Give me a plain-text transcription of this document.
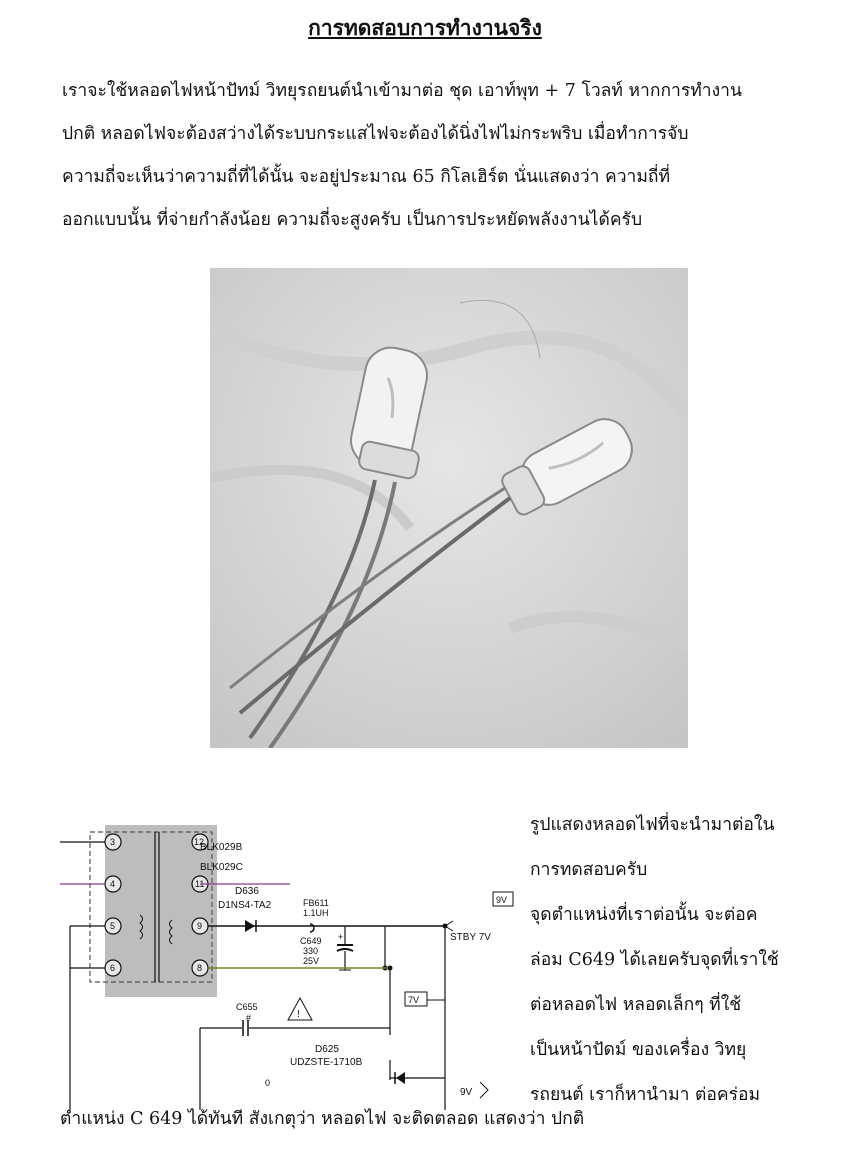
การทดสอบการทำงานจริง

เราจะใช้หลอดไฟหน้าปัทม์ วิทยุรถยนต์นำเข้ามาต่อ ชุด เอาท์พุท + 7 โวลท์ หากการทำงาน

ปกติ หลอดไฟจะต้องสว่างได้ระบบกระแสไฟจะต้องได้นิ่งไฟไม่กระพริบ เมื่อทำการจับ

ความถี่จะเห็นว่าความถี่ที่ได้นั้น จะอยู่ประมาณ 65 กิโลเฮิร์ต นั่นแสดงว่า ความถี่ที่

ออกแบบนั้น ที่จ่ายกำลังน้อย ความถี่จะสูงครับ เป็นการประหยัดพลังงานได้ครับ

3
4
5
6
12
11
9
8
BLK029B
BLK029C
D636
D1NS4-TA2	FB611
1.1UH
C649
330
25V
+	STBY 7V
9V
7V
C655
#	!
D625
UDZSTE-1710B
9V
0

รูปแสดงหลอดไฟที่จะนำมาต่อใน

การทดสอบครับ

จุดตำแหน่งที่เราต่อนั้น จะต่อค

ล่อม C649 ได้เลยครับจุดที่เราใช้

ต่อหลอดไฟ หลอดเล็กๆ ที่ใช้

เป็นหน้าปัดม์ ของเครื่อง วิทยุ

รถยนต์ เราก็หานำมา ต่อคร่อม

ตำแหน่ง C 649 ได้ทันที สังเกตุว่า หลอดไฟ จะติดตลอด แสดงว่า ปกติ
